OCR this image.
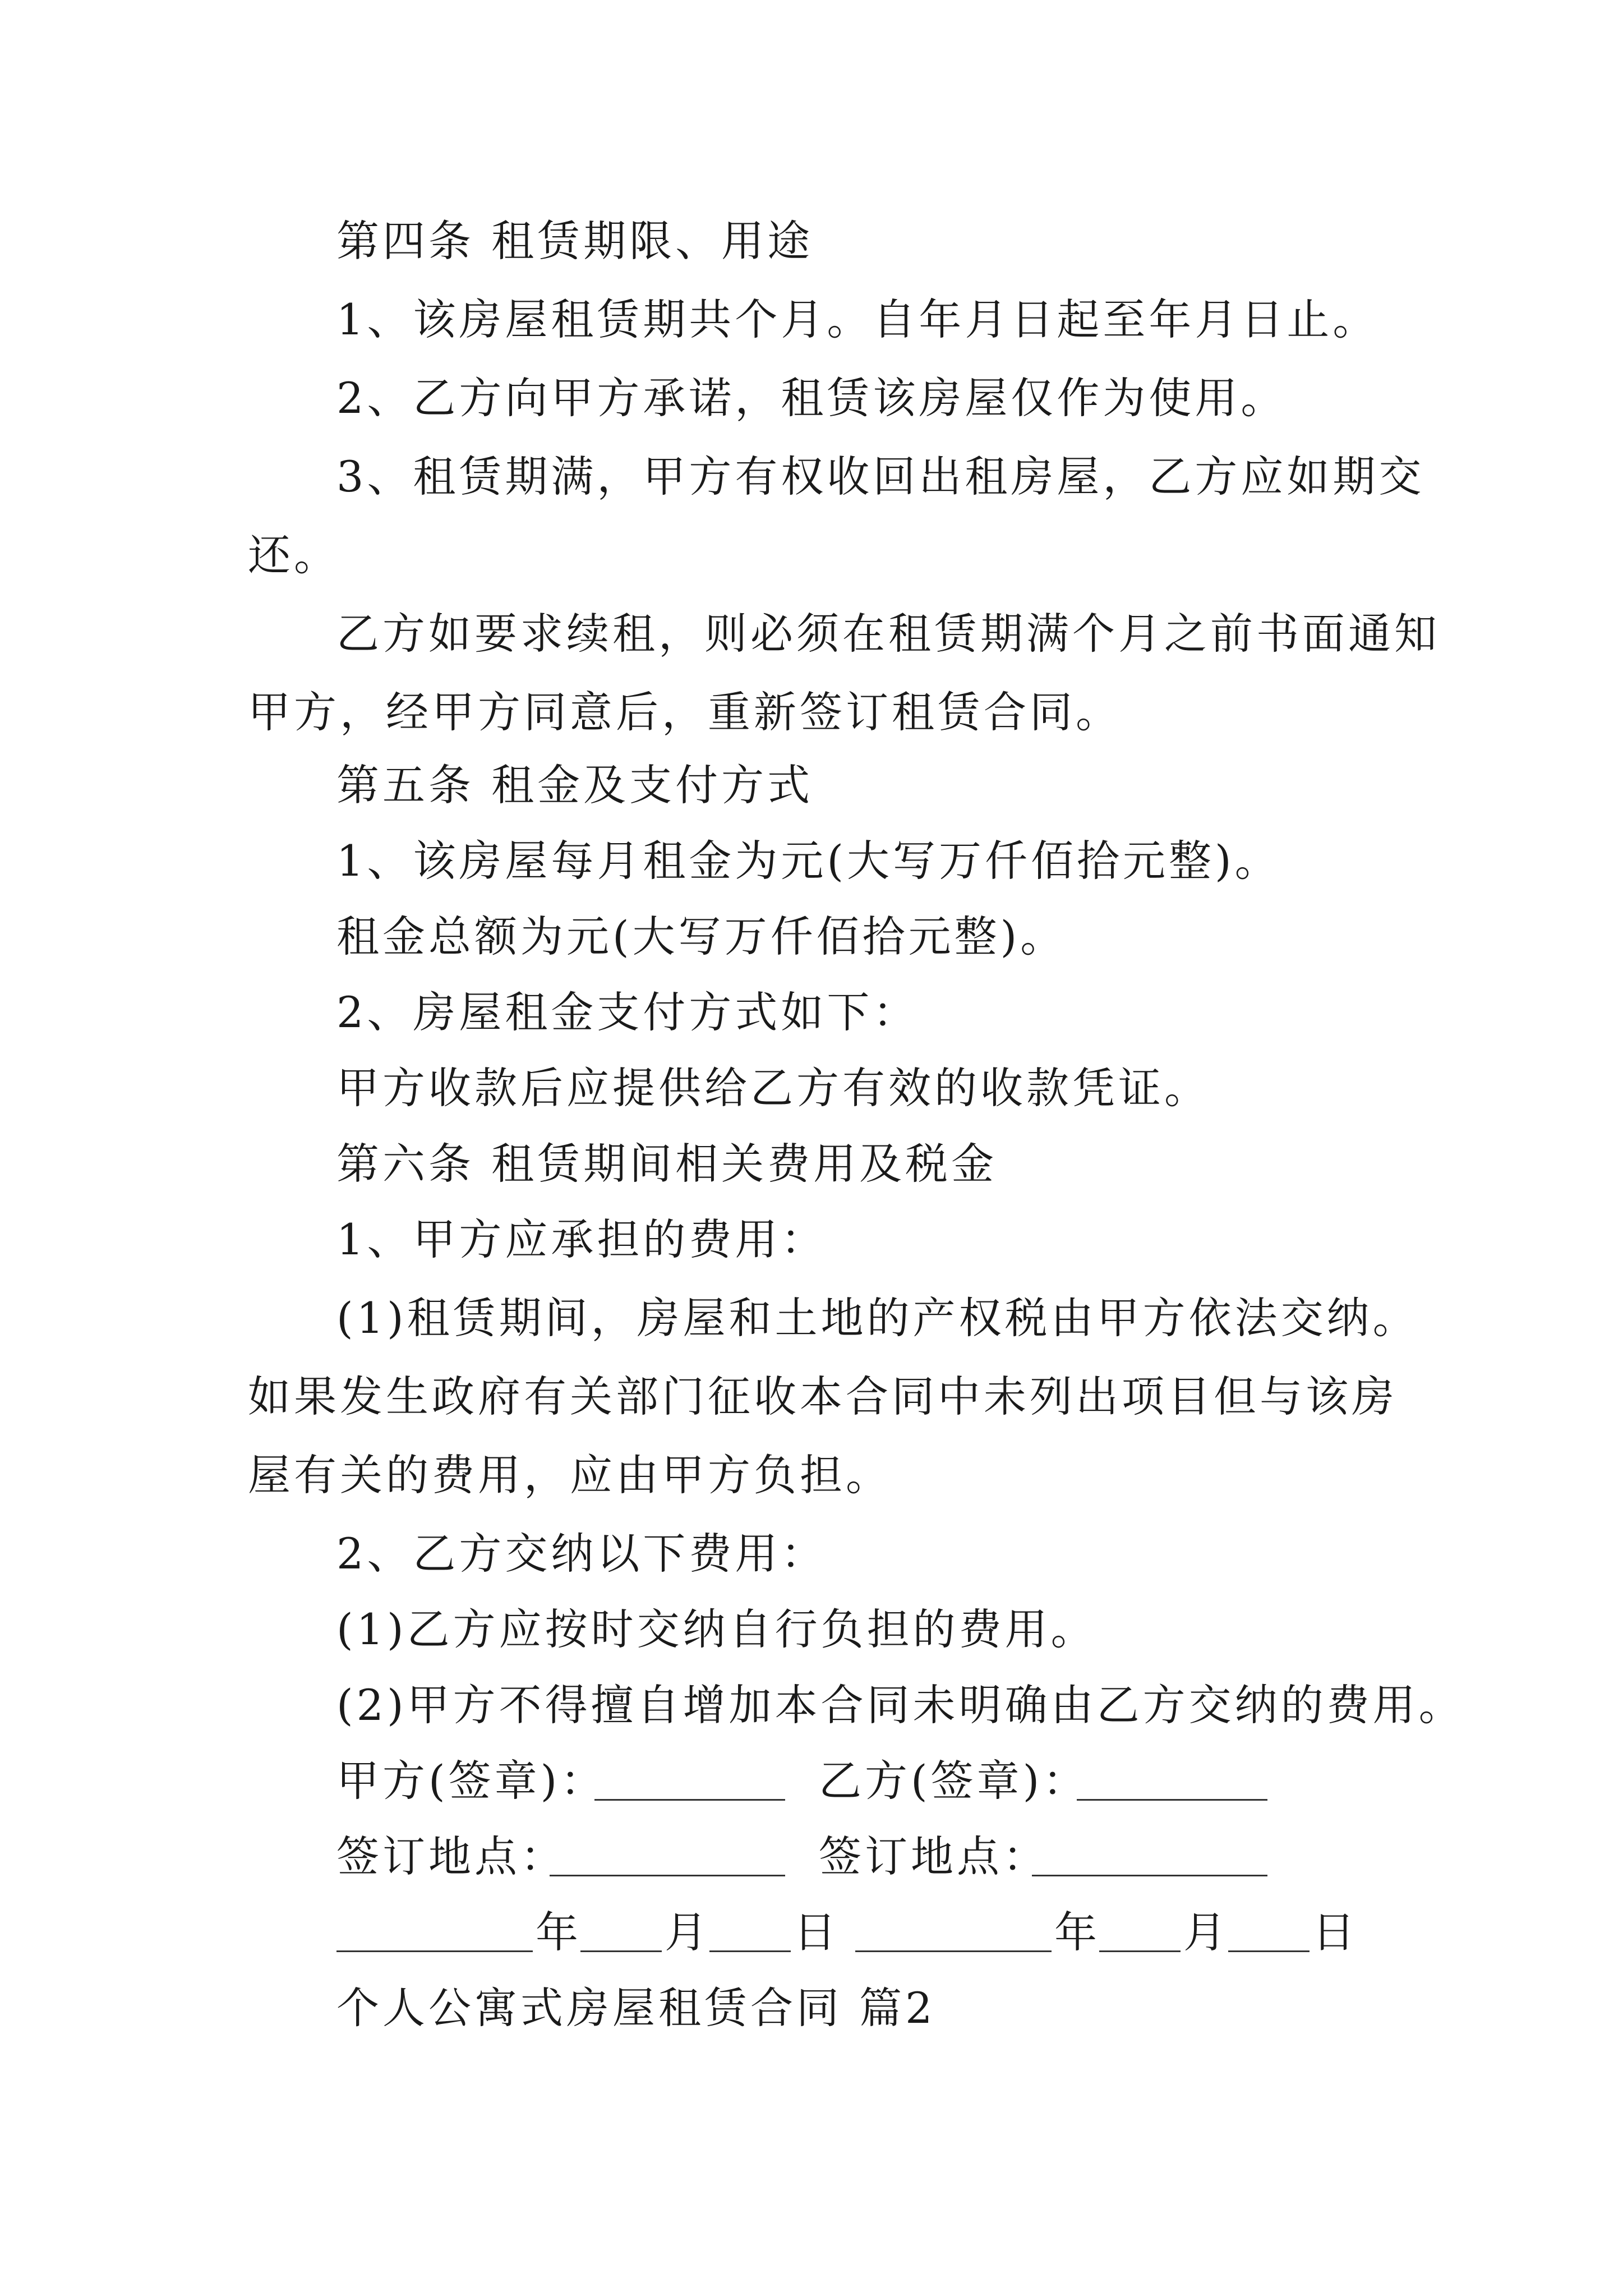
第四条 租赁期限、用途
1、该房屋租赁期共个月。自年月日起至年月日止。
2、乙方向甲方承诺，租赁该房屋仅作为使用。
3、租赁期满，甲方有权收回出租房屋，乙方应如期交
还。
乙方如要求续租，则必须在租赁期满个月之前书面通知
甲方，经甲方同意后，重新签订租赁合同。
第五条 租金及支付方式
1、该房屋每月租金为元(大写万仟佰拾元整)。
租金总额为元(大写万仟佰拾元整)。
2、房屋租金支付方式如下：
甲方收款后应提供给乙方有效的收款凭证。
第六条 租赁期间相关费用及税金
1、甲方应承担的费用：
(1)租赁期间，房屋和土地的产权税由甲方依法交纳。
如果发生政府有关部门征收本合同中未列出项目但与该房
屋有关的费用，应由甲方负担。
2、乙方交纳以下费用：
(1)乙方应按时交纳自行负担的费用。
(2)甲方不得擅自增加本合同未明确由乙方交纳的费用。
甲方(签章)：	乙方(签章)：
签订地点：	签订地点：
年 月 日	年 月 日
个人公寓式房屋租赁合同 篇2
